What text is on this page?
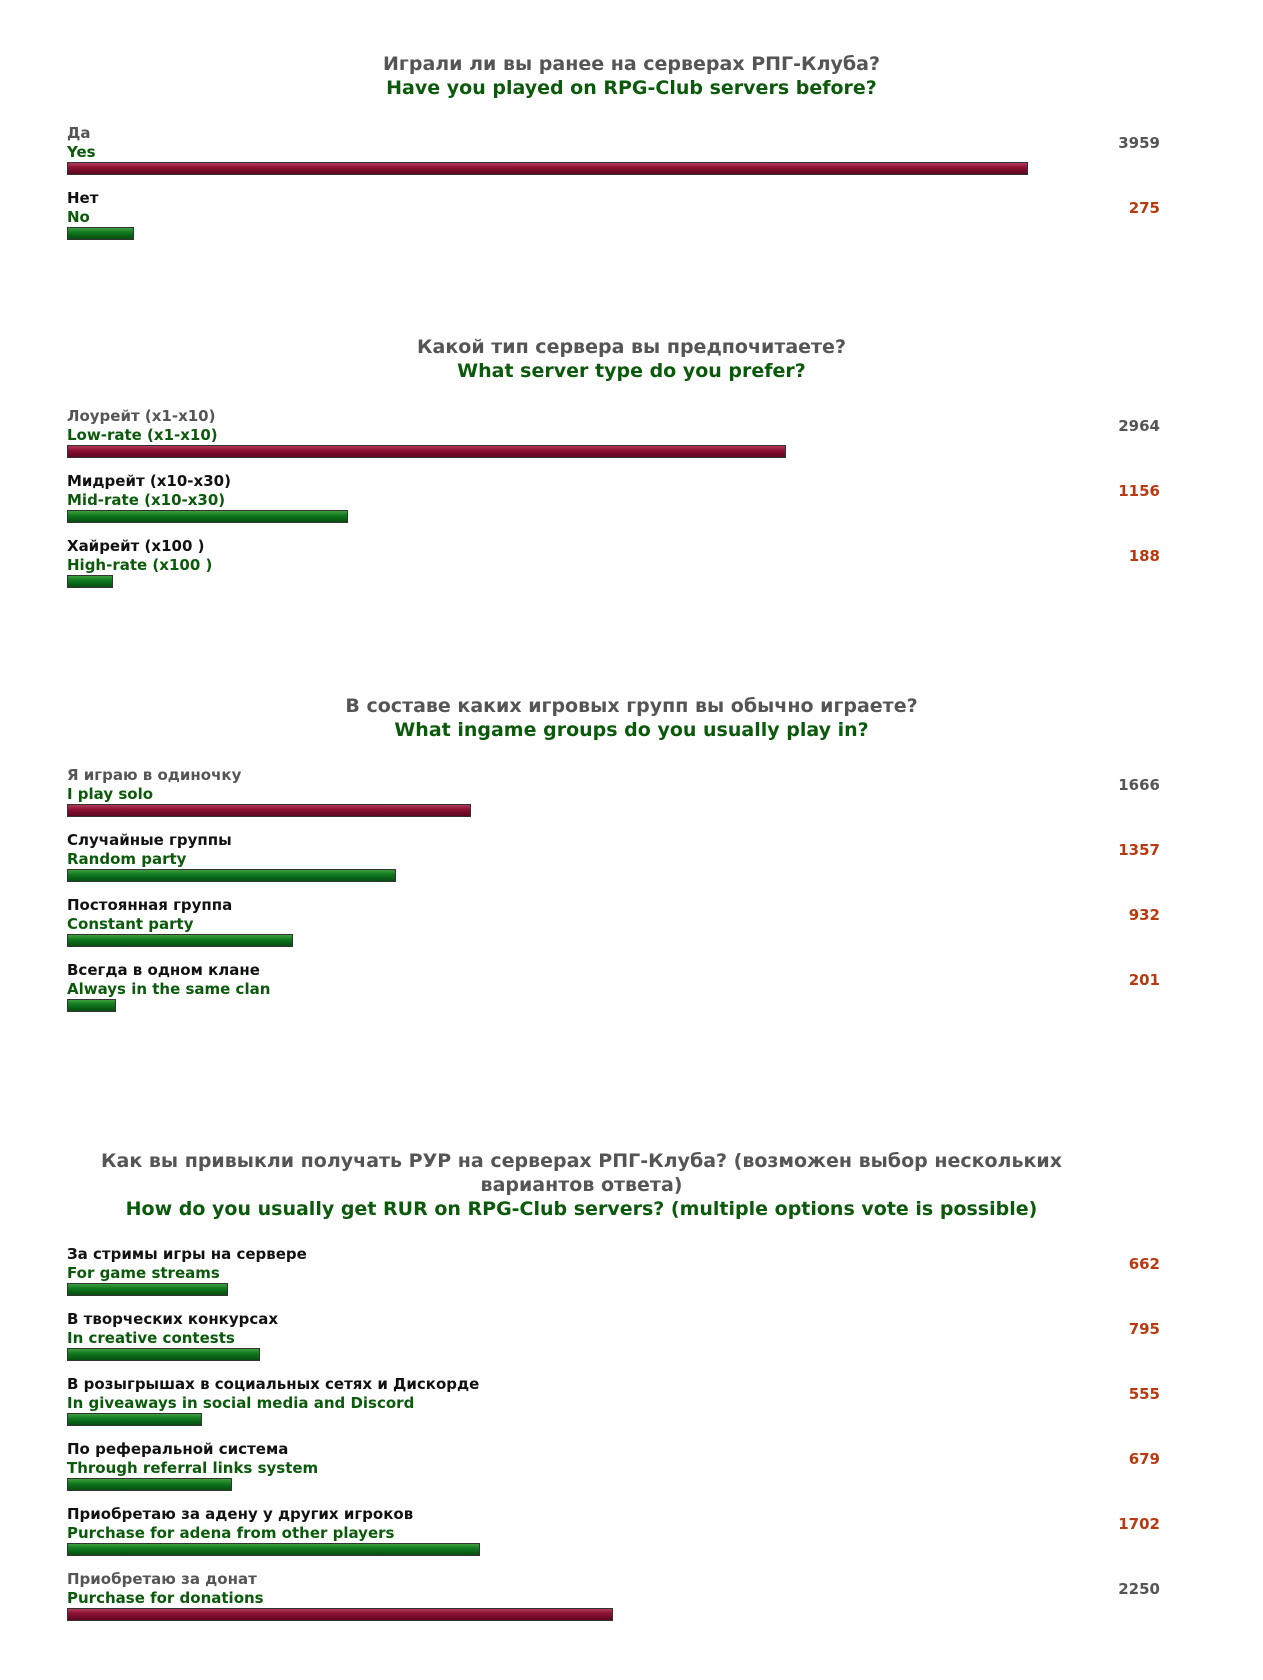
Играли ли вы ранее на серверах РПГ-Клуба?
Have you played on RPG-Club servers before?
Да
Yes	3959
Нет
No	275
Какой тип сервера вы предпочитаете?
What server type do you prefer?
Лоурейт (x1-x10)
Low-rate (x1-x10)	2964
Мидрейт (x10-x30)
Mid-rate (x10-x30)	1156
Хайрейт (x100 )
High-rate (x100 )	188
В составе каких игровых групп вы обычно играете?
What ingame groups do you usually play in?
Я играю в одиночку
I play solo	1666
Случайные группы
Random party	1357
Постоянная группа
Constant party	932
Всегда в одном клане
Always in the same clan	201
Как вы привыкли получать РУР на серверах РПГ-Клуба? (возможен выбор нескольких вариантов ответа)
How do you usually get RUR on RPG-Club servers? (multiple options vote is possible)
За стримы игры на сервере
For game streams	662
В творческих конкурсах
In creative contests	795
В розыгрышах в социальных сетях и Дискорде
In giveaways in social media and Discord	555
По реферальной система
Through referral links system	679
Приобретаю за адену у других игроков
Purchase for adena from other players	1702
Приобретаю за донат
Purchase for donations	2250
